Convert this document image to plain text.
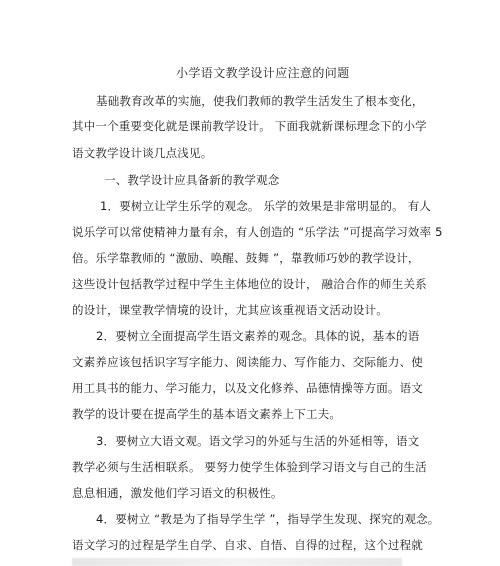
小学语文教学设计应注意的问题
基础教育改革的实施，使我们教师的教学生活发生了根本变化，
其中一个重要变化就是课前教学设计。 下面我就新课标理念下的小学
语文教学设计谈几点浅见。
一、教学设计应具备新的教学观念
1．要树立让学生乐学的观念。 乐学的效果是非常明显的。 有人
说乐学可以常使精神力量有余，有人创造的 “乐学法 ”可提高学习效率 5
倍。乐学靠教师的 “激励、唤醒、鼓舞 ”，靠教师巧妙的教学设计，
这些设计包括教学过程中学生主体地位的设计， 融洽合作的师生关系
的设计，课堂教学情境的设计，尤其应该重视语文活动设计。
2．要树立全面提高学生语文素养的观念。具体的说，基本的语
文素养应该包括识字写字能力、阅读能力、写作能力、交际能力、使
用工具书的能力、学习能力，以及文化修养、品德情操等方面。语文
教学的设计要在提高学生的基本语文素养上下工夫。
3．要树立大语文观。语文学习的外延与生活的外延相等，语文
教学必须与生活相联系。 要努力使学生体验到学习语文与自己的生活
息息相通，激发他们学习语文的积极性。
4．要树立 “教是为了指导学生学 ”，指导学生发现、探究的观念。
语文学习的过程是学生自学、自求、自悟、自得的过程，这个过程就
